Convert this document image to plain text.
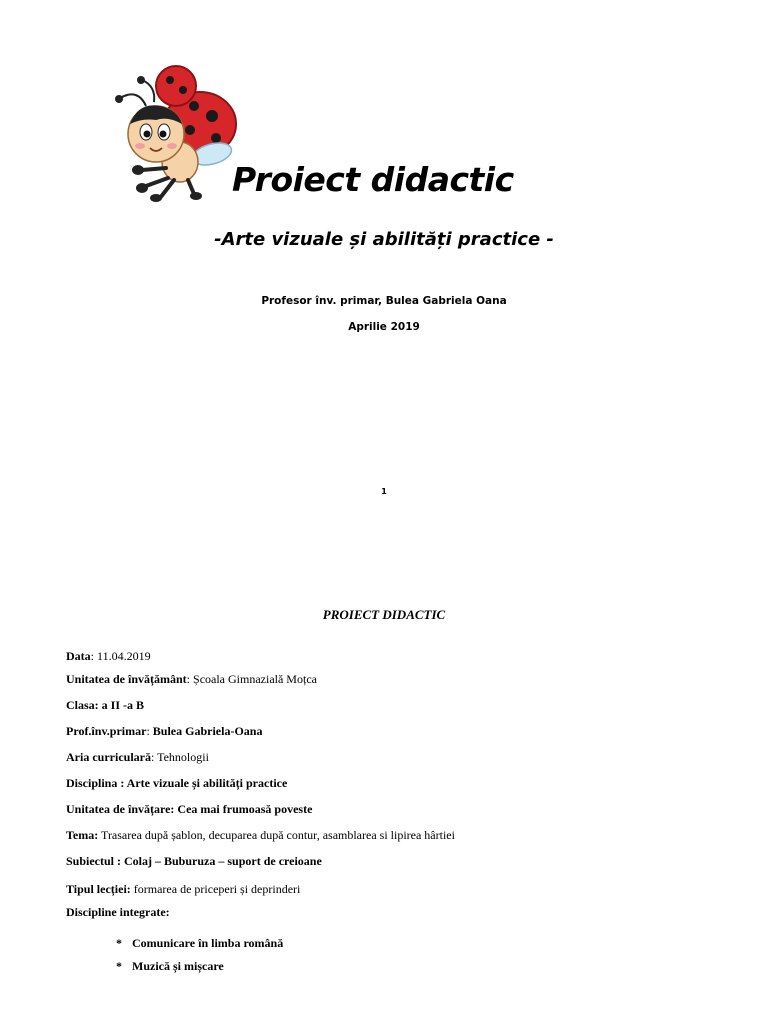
Proiect didactic
-Arte vizuale și abilități practice -
Profesor înv. primar, Bulea Gabriela Oana
Aprilie 2019
1
PROIECT DIDACTIC
Data: 11.04.2019
Unitatea de învățământ: Școala Gimnazială Moțca
Clasa: a II -a B
Prof.înv.primar: Bulea Gabriela-Oana
Aria curriculară: Tehnologii
Disciplina : Arte vizuale și abilități practice
Unitatea de învățare: Cea mai frumoasă poveste
Tema: Trasarea după șablon, decuparea după contur, asamblarea si lipirea hârtiei
Subiectul : Colaj – Buburuza – suport de creioane
Tipul lecției: formarea de priceperi și deprinderi
Discipline integrate:
* Comunicare în limba română
* Muzică și mișcare
